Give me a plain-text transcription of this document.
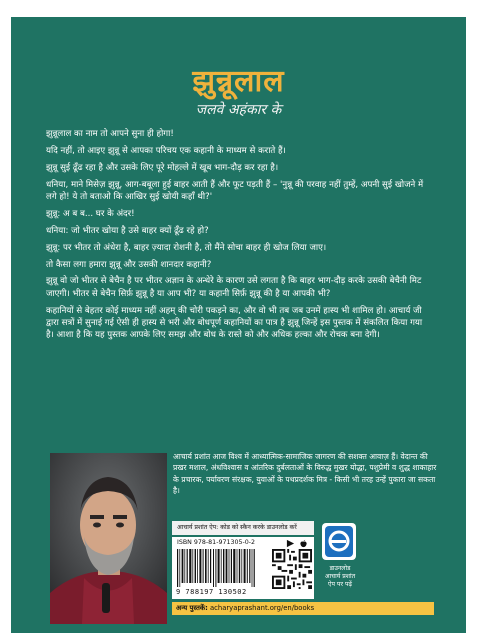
झुन्नूलाल
जलवे अहंकार के

झुन्नूलाल का नाम तो आपने सुना ही होगा!

यदि नहीं, तो आइए झुन्नू से आपका परिचय एक कहानी के माध्यम से कराते हैं।

झुन्नू सुई ढूँढ रहा है और उसके लिए पूरे मोहल्ले में खूब भाग-दौड़ कर रहा है।

धनिया, माने मिसेज़ झुन्नू, आग-बबूला हुई बाहर आती हैं और फूट पड़ती हैं – 'नुन्नू की परवाह नहीं तुम्हें, अपनी सुई खोजने में लगे हो! ये तो बताओ कि आखिर सुई खोयी कहाँ थी?'

झुन्नू: अ ब ब... घर के अंदर!

धनिया: जो भीतर खोया है उसे बाहर क्यों ढूँढ रहे हो?

झुन्नू: पर भीतर तो अंधेरा है, बाहर ज़्यादा रोशनी है, तो मैंने सोचा बाहर ही खोज लिया जाए।

तो कैसा लगा हमारा झुन्नू और उसकी शानदार कहानी?

झुन्नू वो जो भीतर से बेचैन है पर भीतर अज्ञान के अन्धेरे के कारण उसे लगता है कि बाहर भाग-दौड़ करके उसकी बेचैनी मिट जाएगी। भीतर से बेचैन सिर्फ़ झुन्नू है या आप भी? या कहानी सिर्फ़ झुन्नू की है या आपकी भी?

कहानियों से बेहतर कोई माध्यम नहीं अहम् की चोरी पकड़ने का, और वो भी तब जब उनमें हास्य भी शामिल हो। आचार्य जी द्वारा सत्रों में सुनाई गई ऐसी ही हास्य से भरी और बोधपूर्ण कहानियों का पात्र है झुन्नू जिन्हें इस पुस्तक में संकलित किया गया है। आशा है कि यह पुस्तक आपके लिए समझ और बोध के रास्ते को और अधिक हल्का और रोचक बना देगी।

आचार्य प्रशांत आज विश्व में आध्यात्मिक-सामाजिक जागरण की सशक्त आवाज़ हैं। वेदान्त की प्रखर मशाल, अंधविश्वास व आंतरिक दुर्बलताओं के विरुद्ध मुखर योद्धा, पशुप्रेमी व शुद्ध शाकाहार के प्रचारक, पर्यावरण संरक्षक, युवाओं के पथप्रदर्शक मित्र - किसी भी तरह उन्हें पुकारा जा सकता है।
आचार्य प्रशांत ऐप: कोड को स्कैन करके डाउनलोड करें
ISBN 978-81-971305-0-2
9 788197 130502
डाउनलोड
आचार्य प्रशांत
ऐप पर पढ़ें
अन्य पुस्तकें: acharyaprashant.org/en/books
